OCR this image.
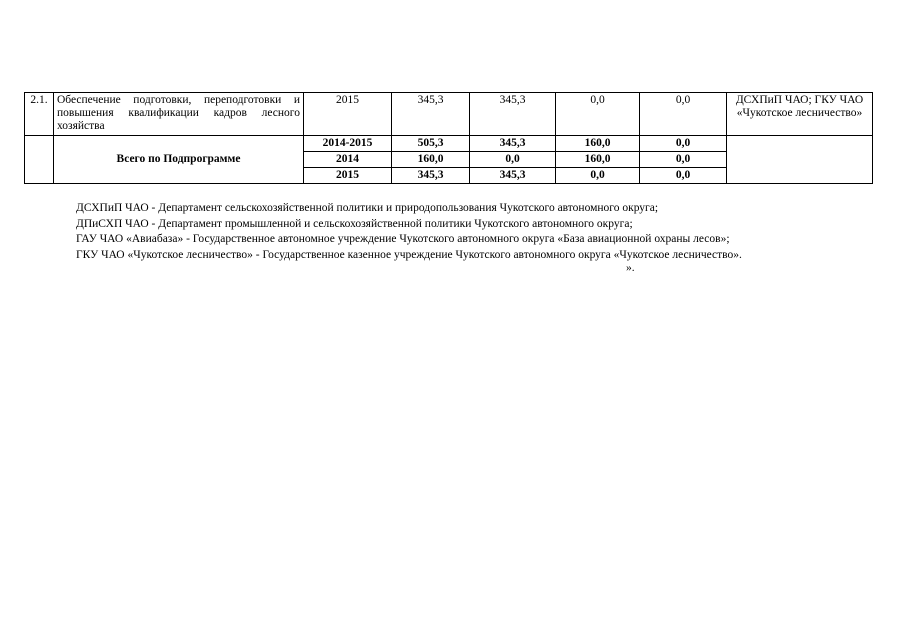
2.1.	Обеспечение подготовки, переподготовки и повышения квалификации кадров лесного хозяйства	2015	345,3	345,3	0,0	0,0	ДСХПиП ЧАО; ГКУ ЧАО «Чукотское лесничество»
	Всего по Подпрограмме	2014-2015	505,3	345,3	160,0	0,0	
		2014	160,0	0,0	160,0	0,0	
		2015	345,3	345,3	0,0	0,0	

ДСХПиП ЧАО - Департамент сельскохозяйственной политики и природопользования Чукотского автономного округа;

ДПиСХП ЧАО - Департамент промышленной и сельскохозяйственной политики Чукотского автономного округа;

ГАУ ЧАО «Авиабаза» - Государственное автономное учреждение Чукотского автономного округа «База авиационной охраны лесов»;

ГКУ ЧАО «Чукотское лесничество» - Государственное казенное учреждение Чукотского автономного округа «Чукотское лесничество».

».
